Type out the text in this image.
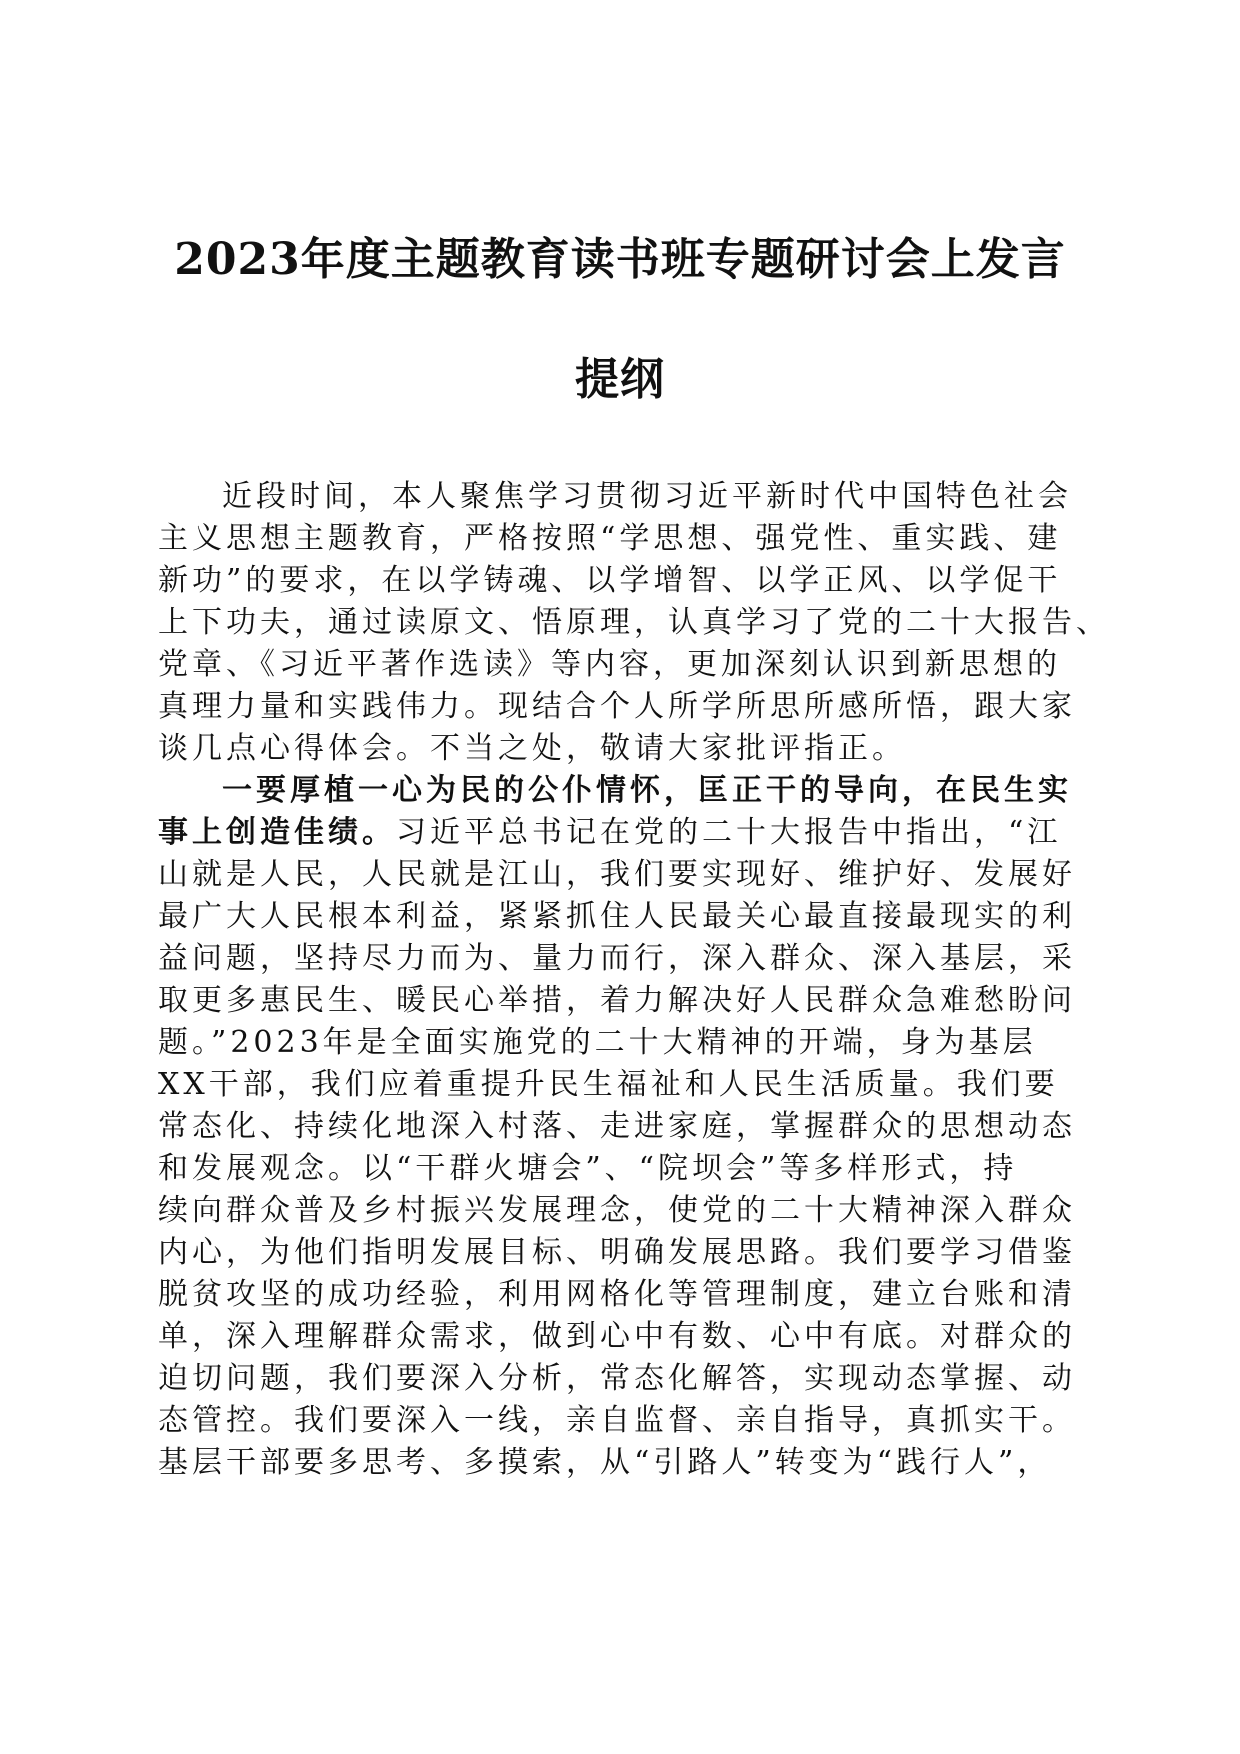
2023年度主题教育读书班专题研讨会上发言
提纲
近段时间，本人聚焦学习贯彻习近平新时代中国特色社会
主义思想主题教育，严格按照“学思想、强党性、重实践、建
新功”的要求，在以学铸魂、以学增智、以学正风、以学促干
上下功夫，通过读原文、悟原理，认真学习了党的二十大报告、
党章、《习近平著作选读》等内容，更加深刻认识到新思想的
真理力量和实践伟力。现结合个人所学所思所感所悟，跟大家
谈几点心得体会。不当之处，敬请大家批评指正。
一要厚植一心为民的公仆情怀，匡正干的导向，在民生实
事上创造佳绩。习近平总书记在党的二十大报告中指出，“江
山就是人民，人民就是江山，我们要实现好、维护好、发展好
最广大人民根本利益，紧紧抓住人民最关心最直接最现实的利
益问题，坚持尽力而为、量力而行，深入群众、深入基层，采
取更多惠民生、暖民心举措，着力解决好人民群众急难愁盼问
题。”2023年是全面实施党的二十大精神的开端，身为基层
XX干部，我们应着重提升民生福祉和人民生活质量。我们要
常态化、持续化地深入村落、走进家庭，掌握群众的思想动态
和发展观念。以“干群火塘会”、“院坝会”等多样形式，持
续向群众普及乡村振兴发展理念，使党的二十大精神深入群众
内心，为他们指明发展目标、明确发展思路。我们要学习借鉴
脱贫攻坚的成功经验，利用网格化等管理制度，建立台账和清
单，深入理解群众需求，做到心中有数、心中有底。对群众的
迫切问题，我们要深入分析，常态化解答，实现动态掌握、动
态管控。我们要深入一线，亲自监督、亲自指导，真抓实干。
基层干部要多思考、多摸索，从“引路人”转变为“践行人”，
